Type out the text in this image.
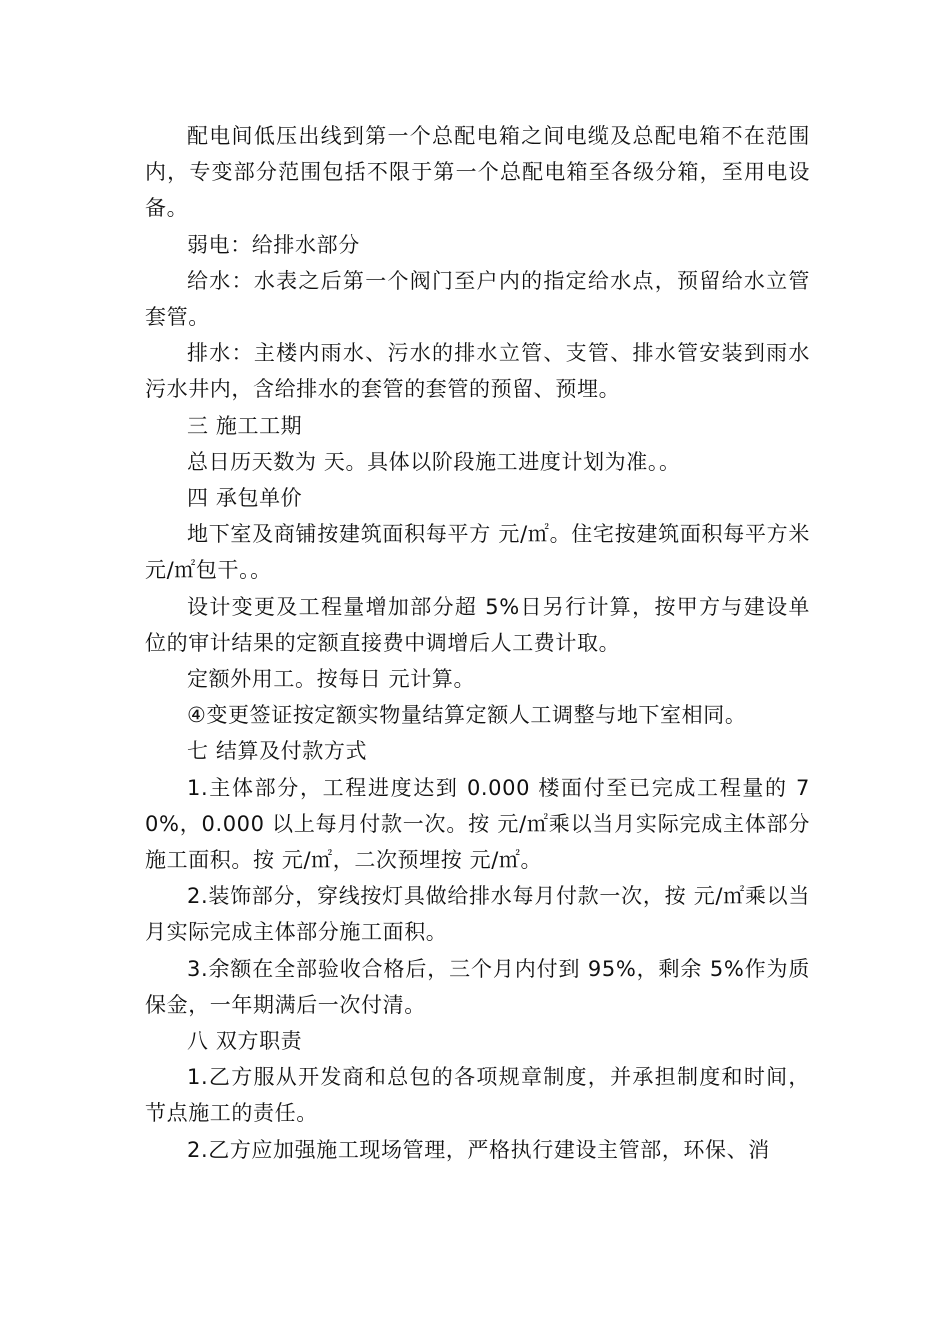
配电间低压出线到第一个总配电箱之间电缆及总配电箱不在范围内，专变部分范围包括不限于第一个总配电箱至各级分箱，至用电设备。

弱电：给排水部分

给水：水表之后第一个阀门至户内的指定给水点，预留给水立管套管。

排水：主楼内雨水、污水的排水立管、支管、排水管安装到雨水污水井内，含给排水的套管的套管的预留、预埋。

三 施工工期

总日历天数为 天。具体以阶段施工进度计划为准。。

四 承包单价

地下室及商铺按建筑面积每平方 元/㎡。住宅按建筑面积每平方米 元/㎡包干。。

设计变更及工程量增加部分超 5%日另行计算，按甲方与建设单位的审计结果的定额直接费中调增后人工费计取。

定额外用工。按每日 元计算。

④变更签证按定额实物量结算定额人工调整与地下室相同。

七 结算及付款方式

1.主体部分，工程进度达到 0.000 楼面付至已完成工程量的 70%，0.000 以上每月付款一次。按 元/㎡乘以当月实际完成主体部分施工面积。按 元/㎡，二次预埋按 元/㎡。

2.装饰部分，穿线按灯具做给排水每月付款一次，按 元/㎡乘以当月实际完成主体部分施工面积。

3.余额在全部验收合格后，三个月内付到 95%，剩余 5%作为质保金，一年期满后一次付清。

八 双方职责

1.乙方服从开发商和总包的各项规章制度，并承担制度和时间，节点施工的责任。

2.乙方应加强施工现场管理，严格执行建设主管部，环保、消
